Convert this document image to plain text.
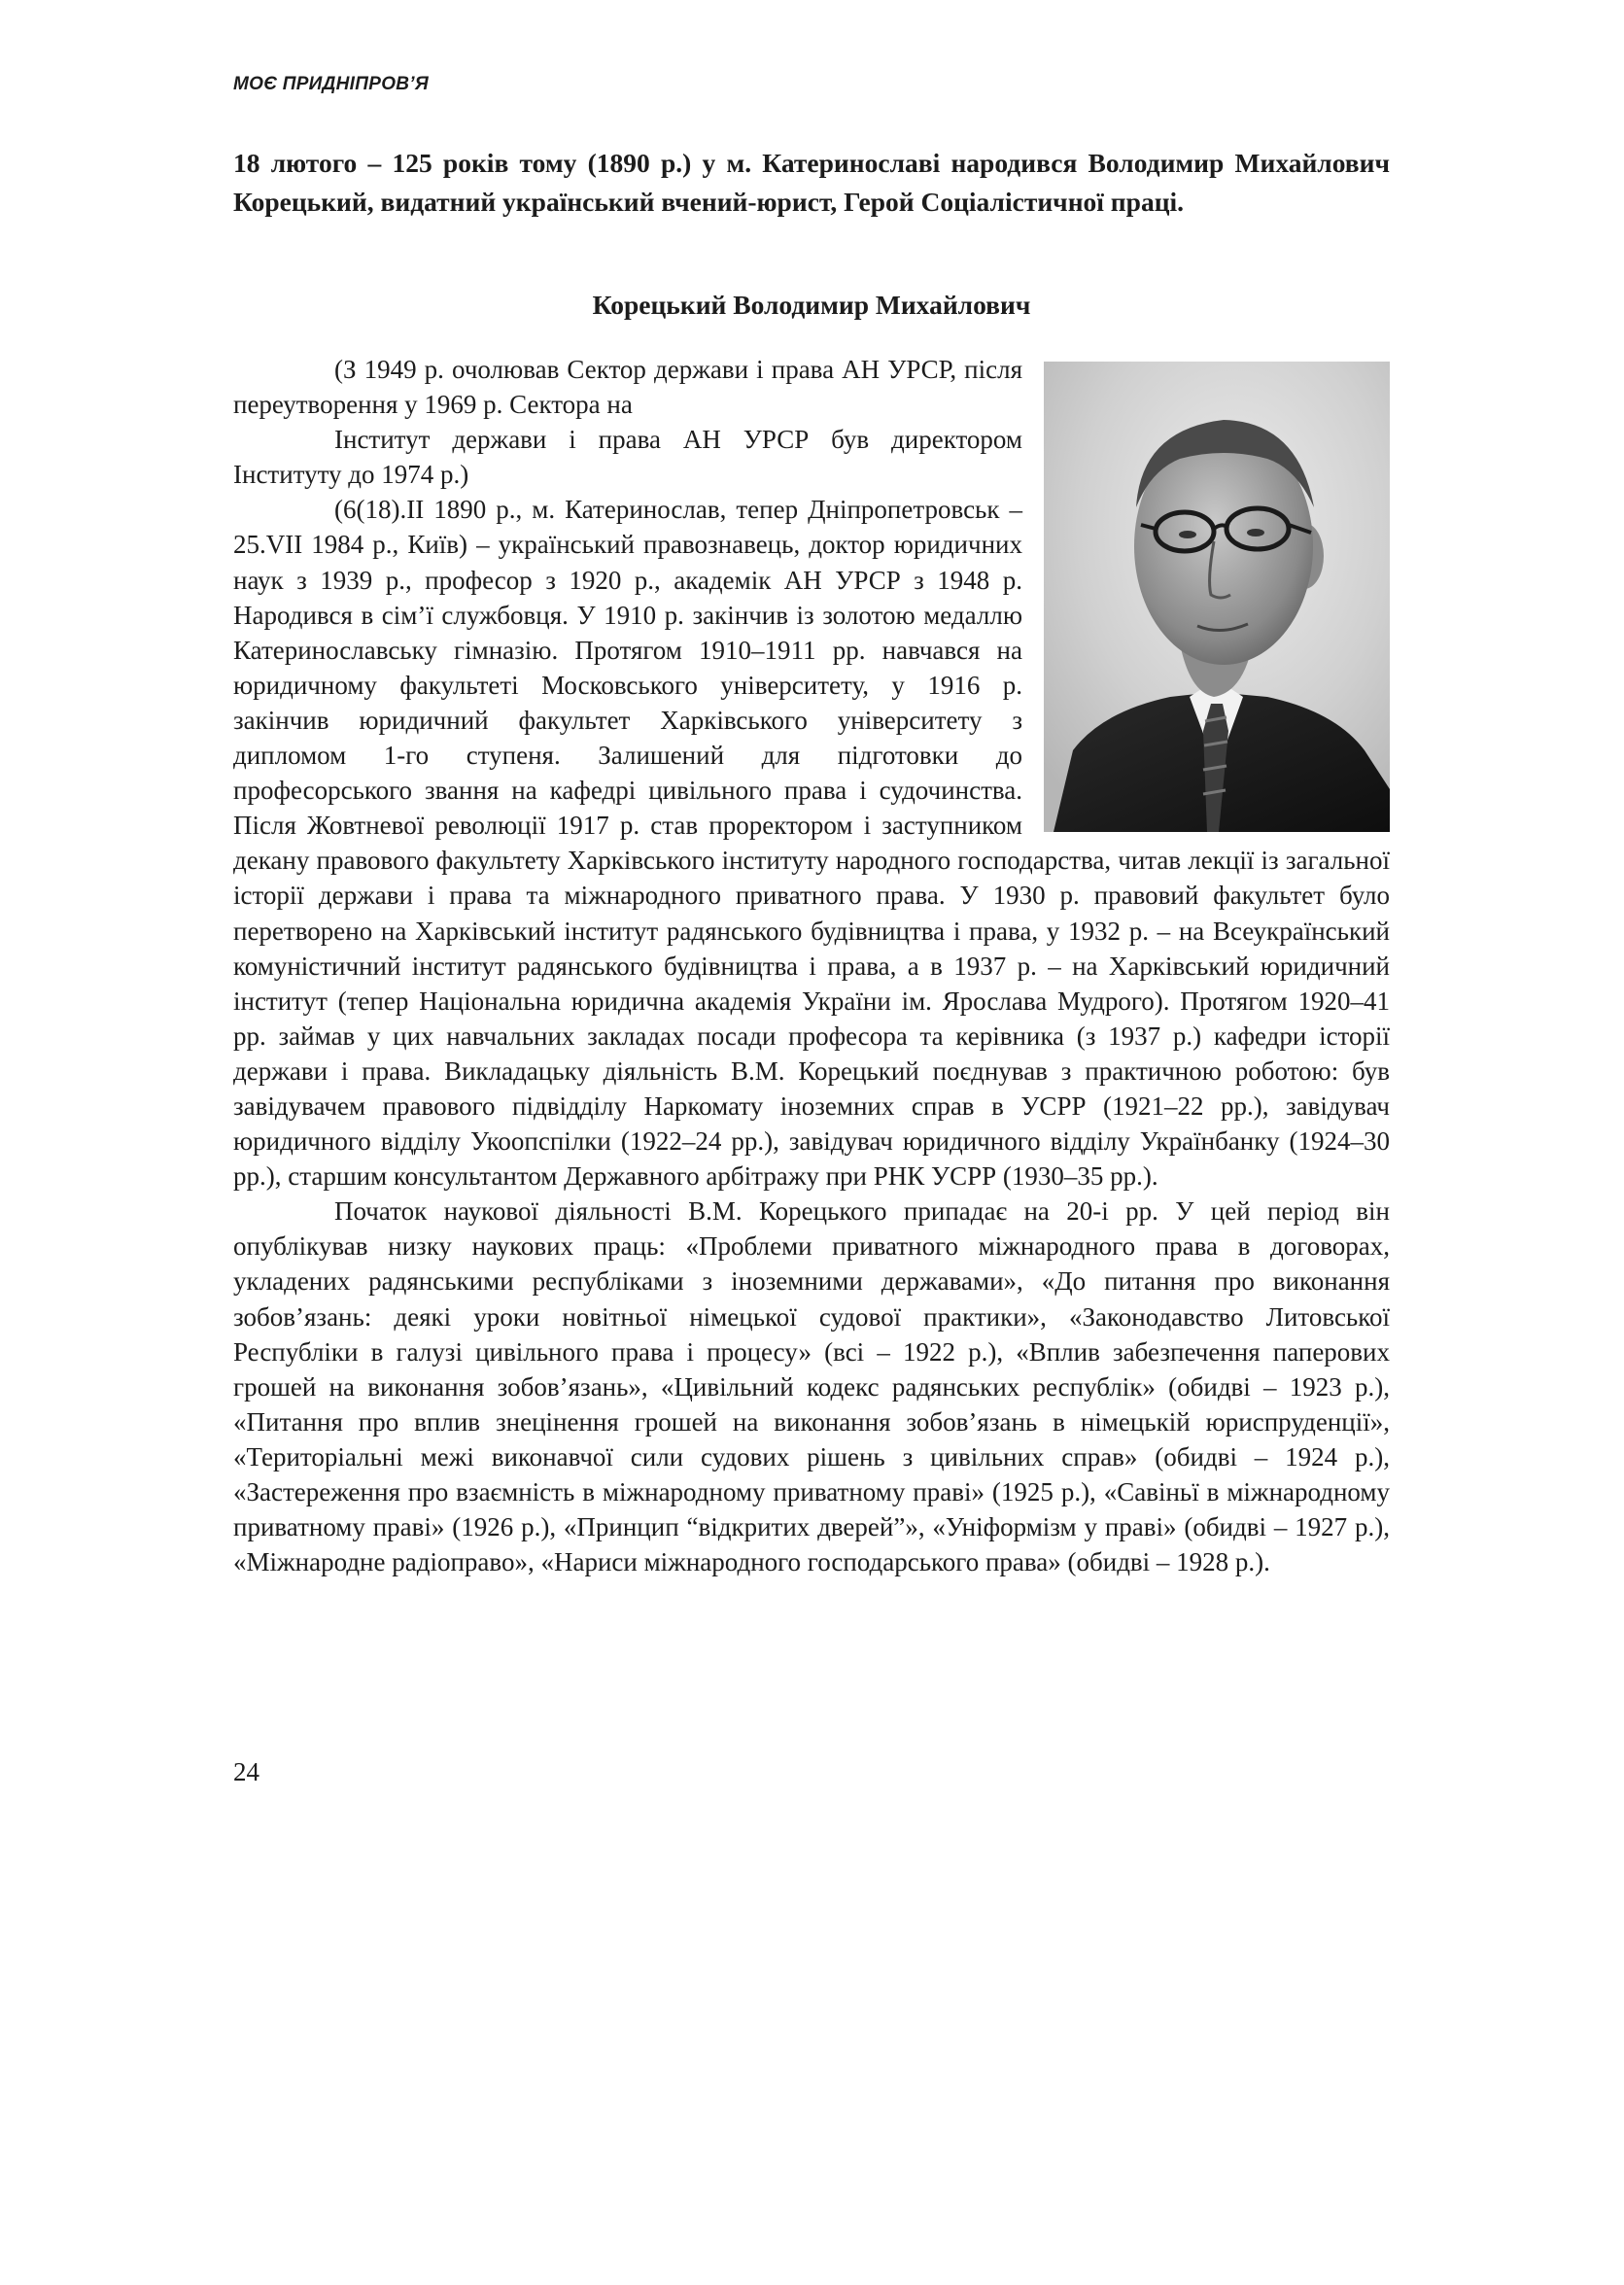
МОЄ ПРИДНІПРОВ’Я

18 лютого – 125 років тому (1890 р.) у м. Катеринославі народився Володимир Михайлович Корецький, видатний український вчений-юрист, Герой Соціалістичної праці.

Корецький Володимир Михайлович

(З 1949 р. очолював Сектор держави і права АН УРСР, після переутворення у 1969 р. Сектора на

Інститут держави і права АН УРСР був директором Інституту до 1974 р.)

(6(18).II 1890 р., м. Катеринослав, тепер Дніпропетровськ – 25.VII 1984 р., Київ) – український правознавець, доктор юридичних наук з 1939 р., професор з 1920 р., академік АН УРСР з 1948 р. Народився в сім’ї службовця. У 1910 р. закінчив із золотою медаллю Катеринославську гімназію. Протягом 1910–1911 рр. навчався на юридичному факультеті Московського університету, у 1916 р. закінчив юридичний факультет Харківського університету з дипломом 1-го ступеня. Залишений для підготовки до професорського звання на кафедрі цивільного права і судочинства. Після Жовтневої революції 1917 р. став проректором і заступником декану правового факультету Харківського інституту народного господарства, читав лекції із загальної історії держави і права та міжнародного приватного права. У 1930 р. правовий факультет було перетворено на Харківський інститут радянського будівництва і права, у 1932 р. – на Всеукраїнський комуністичний інститут радянського будівництва і права, а в 1937 р. – на Харківський юридичний інститут (тепер Національна юридична академія України ім. Ярослава Мудрого). Протягом 1920–41 рр. займав у цих навчальних закладах посади професора та керівника (з 1937 р.) кафедри історії держави і права. Викладацьку діяльність В.М. Корецький поєднував з практичною роботою: був завідувачем правового підвідділу Наркомату іноземних справ в УСРР (1921–22 рр.), завідувач юридичного відділу Укоопспілки (1922–24 рр.), завідувач юридичного відділу Українбанку (1924–30 рр.), старшим консультантом Державного арбітражу при РНК УСРР (1930–35 рр.).

Початок наукової діяльності В.М. Корецького припадає на 20-і рр. У цей період він опублікував низку наукових праць: «Проблеми приватного міжнародного права в договорах, укладених радянськими республіками з іноземними державами», «До питання про виконання зобов’язань: деякі уроки новітньої німецької судової практики», «Законодавство Литовської Республіки в галузі цивільного права і процесу» (всі – 1922 р.), «Вплив забезпечення паперових грошей на виконання зобов’язань», «Цивільний кодекс радянських республік» (обидві – 1923 р.), «Питання про вплив знецінення грошей на виконання зобов’язань в німецькій юриспруденції», «Територіальні межі виконавчої сили судових рішень з цивільних справ» (обидві – 1924 р.), «Застереження про взаємність в міжнародному приватному праві» (1925 р.), «Савіньї в міжнародному приватному праві» (1926 р.), «Принцип “відкритих дверей”», «Уніформізм у праві» (обидві – 1927 р.), «Міжнародне радіоправо», «Нариси міжнародного господарського права» (обидві – 1928 р.).

24
